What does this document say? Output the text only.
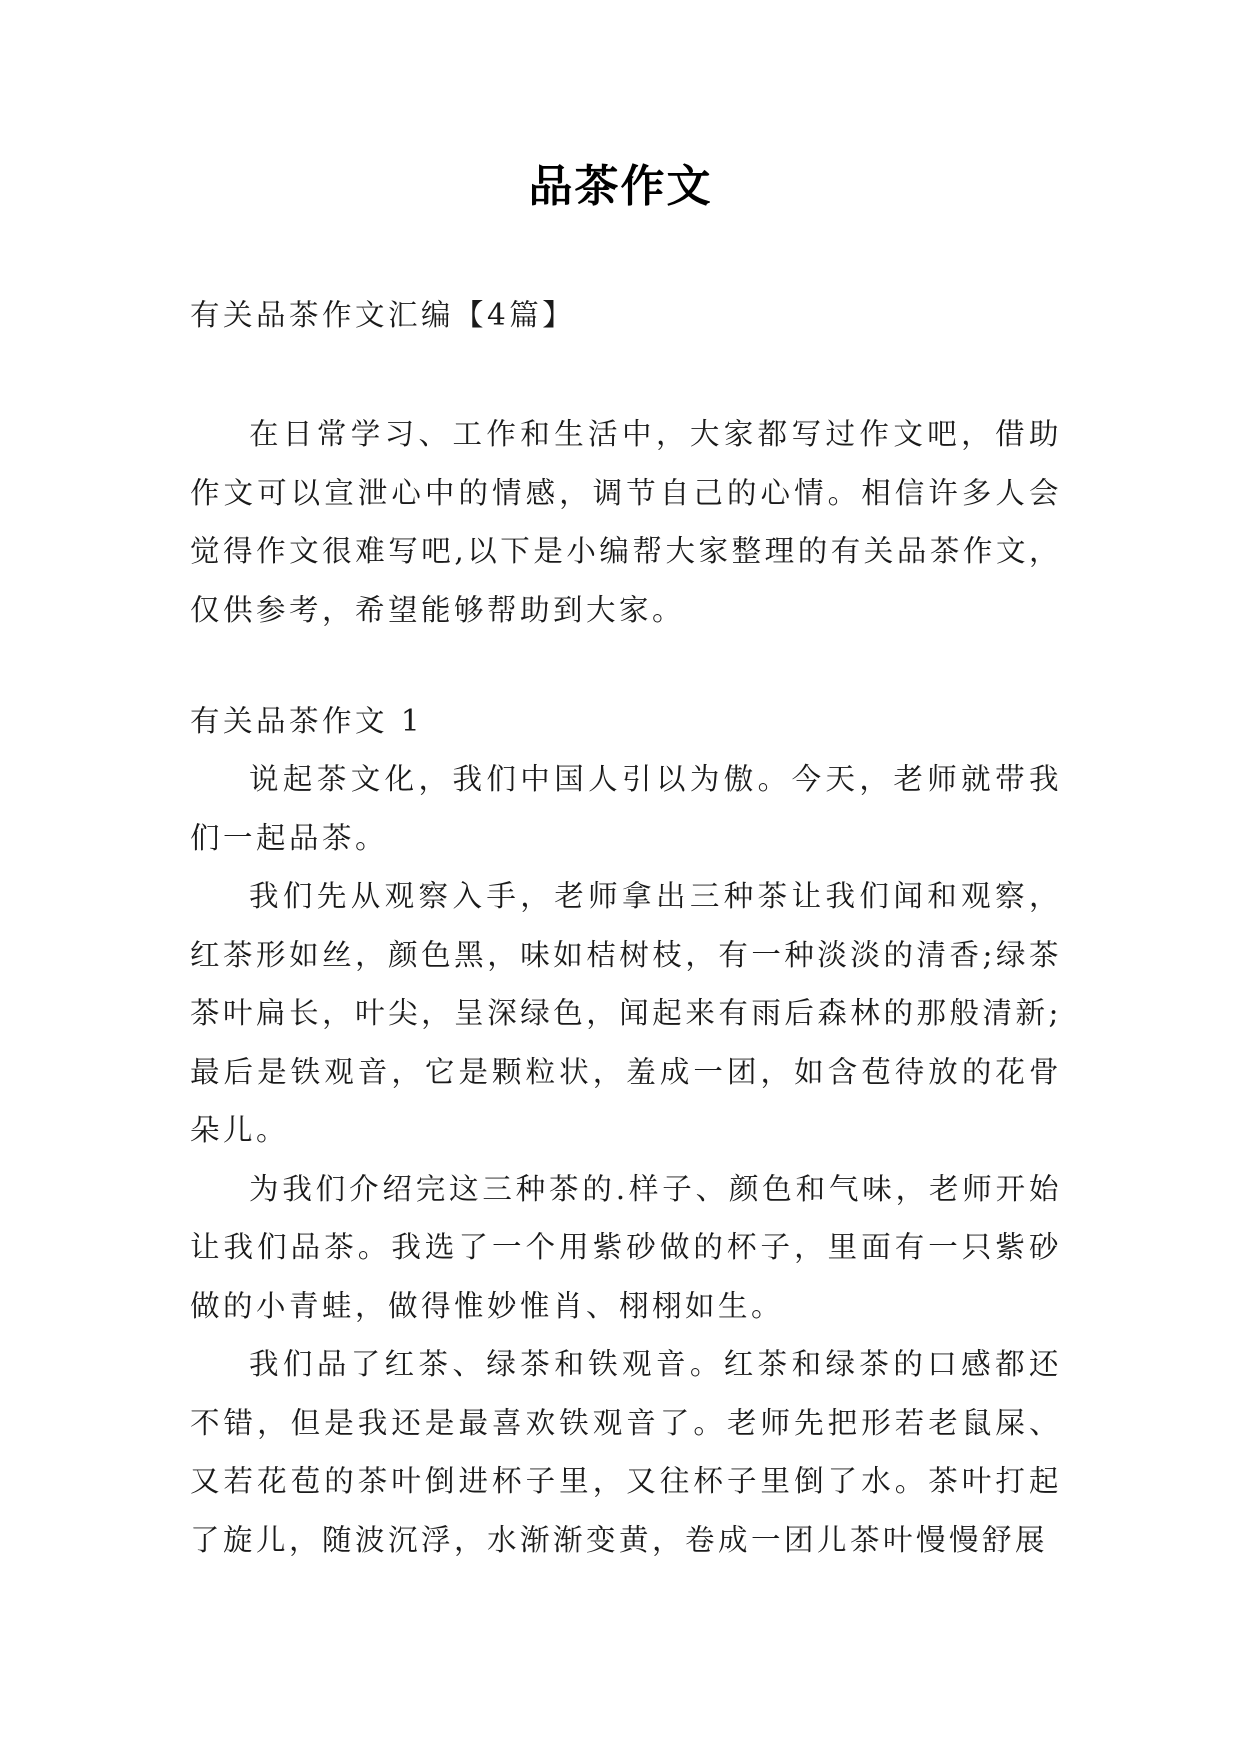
品茶作文
有关品茶作文汇编【4篇】

在日常学习、工作和生活中，大家都写过作文吧，借助作文可以宣泄心中的情感，调节自己的心情。相信许多人会觉得作文很难写吧,以下是小编帮大家整理的有关品茶作文，仅供参考，希望能够帮助到大家。

有关品茶作文 1

说起茶文化，我们中国人引以为傲。今天，老师就带我们一起品茶。

我们先从观察入手，老师拿出三种茶让我们闻和观察，红茶形如丝，颜色黑，味如桔树枝，有一种淡淡的清香;绿茶茶叶扁长，叶尖，呈深绿色，闻起来有雨后森林的那般清新;最后是铁观音，它是颗粒状，羞成一团，如含苞待放的花骨朵儿。

为我们介绍完这三种茶的.样子、颜色和气味，老师开始让我们品茶。我选了一个用紫砂做的杯子，里面有一只紫砂做的小青蛙，做得惟妙惟肖、栩栩如生。

我们品了红茶、绿茶和铁观音。红茶和绿茶的口感都还不错，但是我还是最喜欢铁观音了。老师先把形若老鼠屎、又若花苞的茶叶倒进杯子里，又往杯子里倒了水。茶叶打起了旋儿，随波沉浮，水渐渐变黄，卷成一团儿茶叶慢慢舒展
